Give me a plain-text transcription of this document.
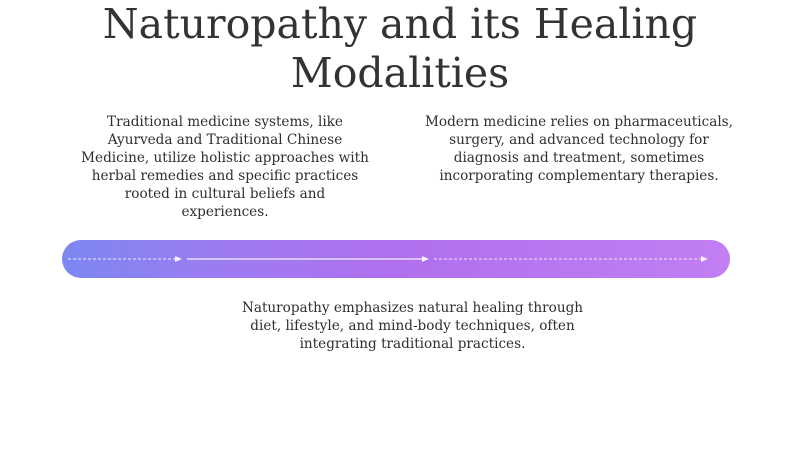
Naturopathy and its Healing Modalities

Traditional medicine systems, like Ayurveda and Traditional Chinese Medicine, utilize holistic approaches with herbal remedies and specific practices rooted in cultural beliefs and experiences.

Modern medicine relies on pharmaceuticals, surgery, and advanced technology for diagnosis and treatment, sometimes incorporating complementary therapies.

Naturopathy emphasizes natural healing through diet, lifestyle, and mind-body techniques, often integrating traditional practices.
